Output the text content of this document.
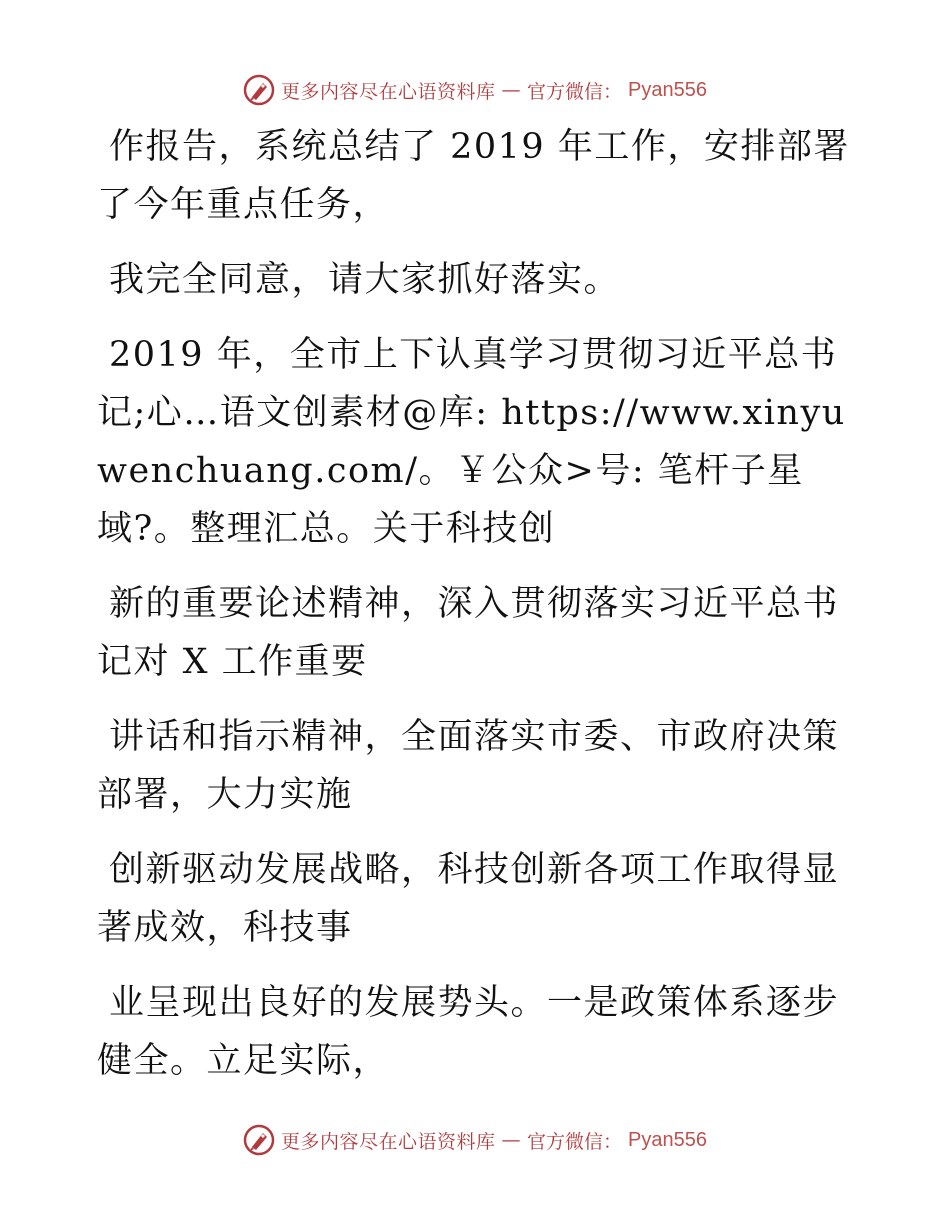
更多内容尽在心语资料库 — 官方微信： Pyan556

作报告，系统总结了 2019 年工作，安排部署了今年重点任务，

我完全同意，请大家抓好落实。

2019 年，全市上下认真学习贯彻习近平总书记;心…语文创素材@库: https://www.xinyuwenchuang.com/。￥公众>号: 笔杆子星域?。整理汇总。关于科技创

新的重要论述精神，深入贯彻落实习近平总书记对 X 工作重要

讲话和指示精神，全面落实市委、市政府决策部署，大力实施

创新驱动发展战略，科技创新各项工作取得显著成效，科技事

业呈现出良好的发展势头。一是政策体系逐步健全。立足实际，

更多内容尽在心语资料库 — 官方微信： Pyan556
